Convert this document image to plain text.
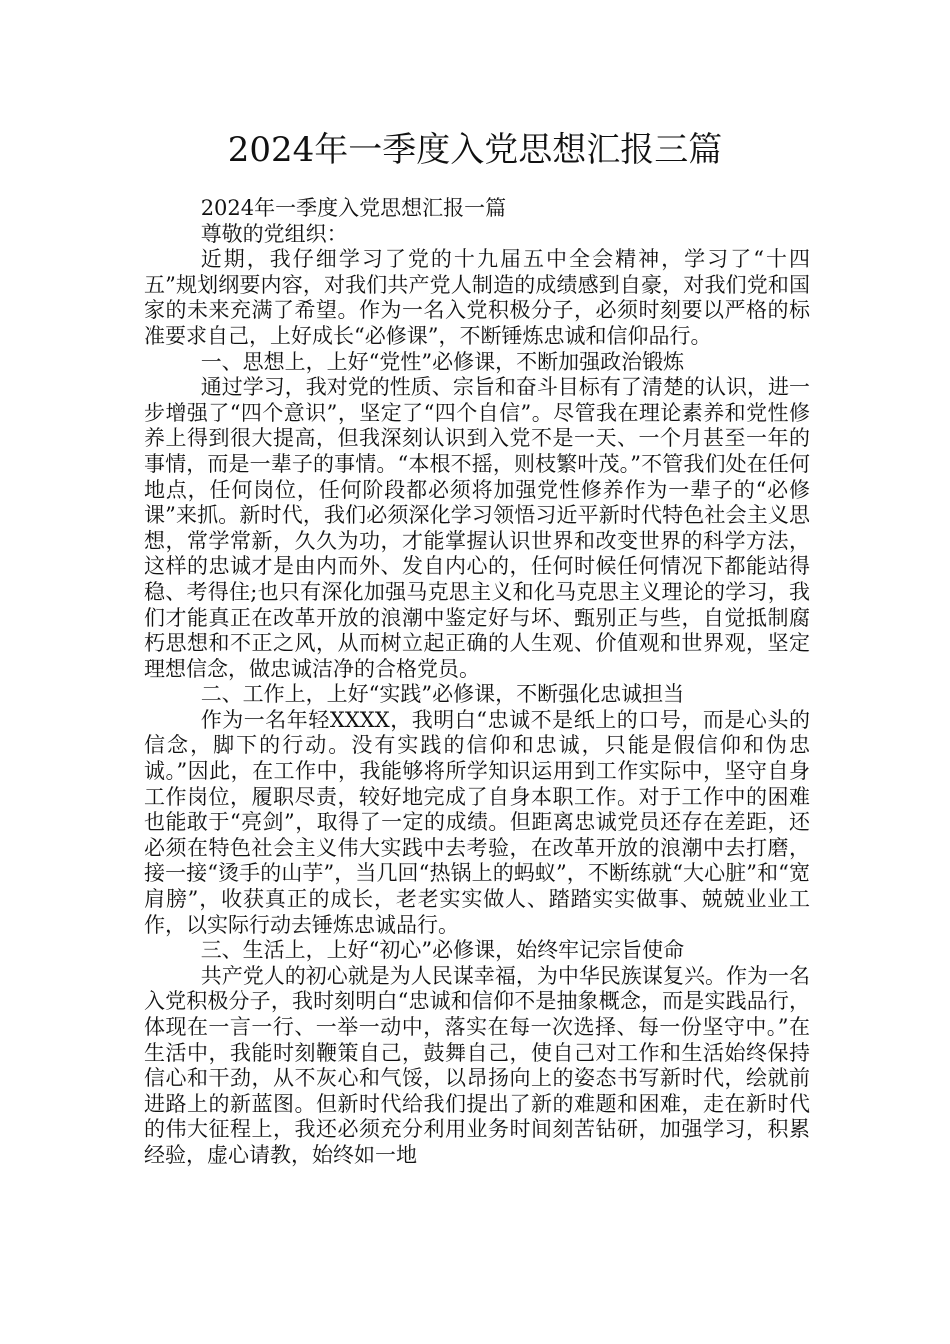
2024年一季度入党思想汇报三篇

2024年一季度入党思想汇报一篇

尊敬的党组织：

近期，我仔细学习了党的十九届五中全会精神，学习了“十四五”规划纲要内容，对我们共产党人制造的成绩感到自豪，对我们党和国家的未来充满了希望。作为一名入党积极分子，必须时刻要以严格的标准要求自己，上好成长“必修课”，不断锤炼忠诚和信仰品行。

一、思想上，上好“党性”必修课，不断加强政治锻炼

通过学习，我对党的性质、宗旨和奋斗目标有了清楚的认识，进一步增强了“四个意识”，坚定了“四个自信”。尽管我在理论素养和党性修养上得到很大提高，但我深刻认识到入党不是一天、一个月甚至一年的事情，而是一辈子的事情。“本根不摇，则枝繁叶茂。”不管我们处在任何地点，任何岗位，任何阶段都必须将加强党性修养作为一辈子的“必修课”来抓。新时代，我们必须深化学习领悟习近平新时代特色社会主义思想，常学常新，久久为功，才能掌握认识世界和改变世界的科学方法，这样的忠诚才是由内而外、发自内心的，任何时候任何情况下都能站得稳、考得住;也只有深化加强马克思主义和化马克思主义理论的学习，我们才能真正在改革开放的浪潮中鉴定好与坏、甄别正与些，自觉抵制腐朽思想和不正之风，从而树立起正确的人生观、价值观和世界观，坚定理想信念，做忠诚洁净的合格党员。

二、工作上，上好“实践”必修课，不断强化忠诚担当

作为一名年轻XXXX，我明白“忠诚不是纸上的口号，而是心头的信念，脚下的行动。没有实践的信仰和忠诚，只能是假信仰和伪忠诚。”因此，在工作中，我能够将所学知识运用到工作实际中，坚守自身工作岗位，履职尽责，较好地完成了自身本职工作。对于工作中的困难也能敢于“亮剑”，取得了一定的成绩。但距离忠诚党员还存在差距，还必须在特色社会主义伟大实践中去考验，在改革开放的浪潮中去打磨，接一接“烫手的山芋”，当几回“热锅上的蚂蚁”，不断练就“大心脏”和“宽肩膀”，收获真正的成长，老老实实做人、踏踏实实做事、兢兢业业工作，以实际行动去锤炼忠诚品行。

三、生活上，上好“初心”必修课，始终牢记宗旨使命

共产党人的初心就是为人民谋幸福，为中华民族谋复兴。作为一名入党积极分子，我时刻明白“忠诚和信仰不是抽象概念，而是实践品行，体现在一言一行、一举一动中，落实在每一次选择、每一份坚守中。”在生活中，我能时刻鞭策自己，鼓舞自己，使自己对工作和生活始终保持信心和干劲，从不灰心和气馁，以昂扬向上的姿态书写新时代，绘就前进路上的新蓝图。但新时代给我们提出了新的难题和困难，走在新时代的伟大征程上，我还必须充分利用业务时间刻苦钻研，加强学习，积累经验，虚心请教，始终如一地
